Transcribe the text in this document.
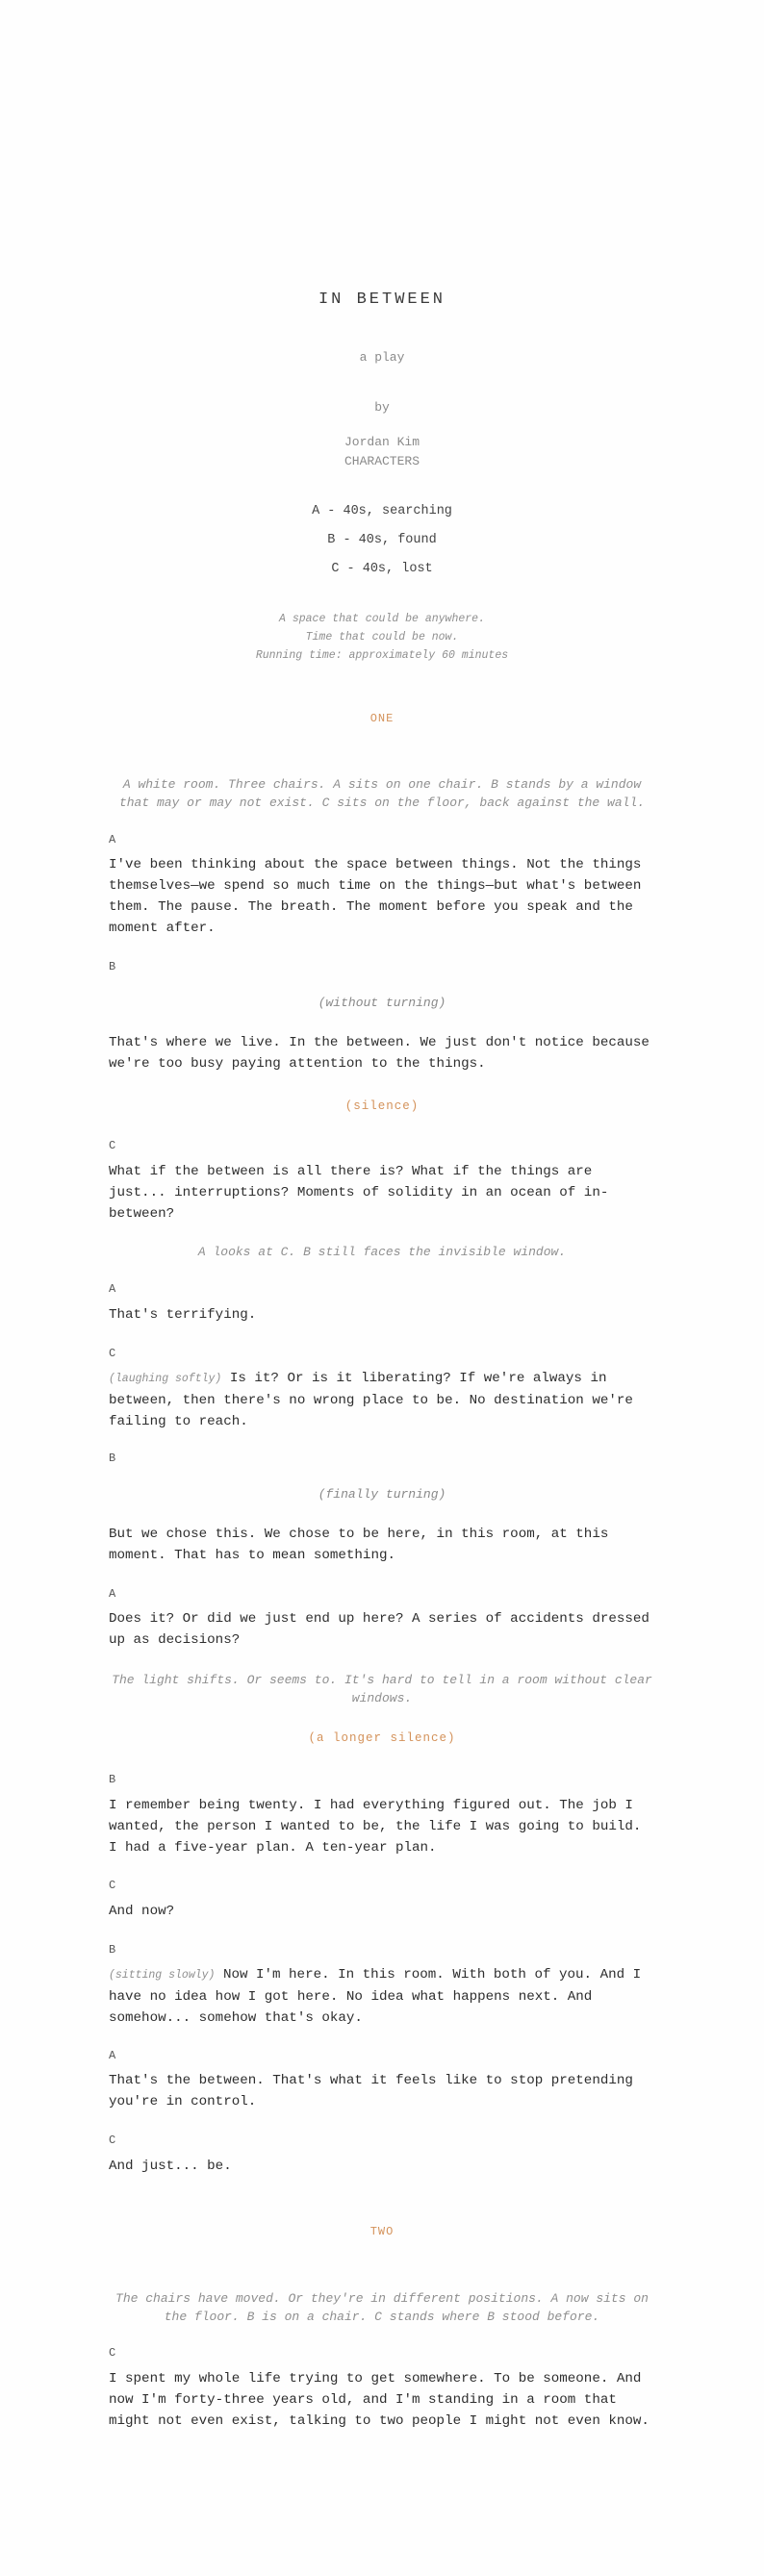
IN BETWEEN
a play
by
Jordan Kim
CHARACTERS
A - 40s, searching
B - 40s, found
C - 40s, lost
A space that could be anywhere.
Time that could be now.
Running time: approximately 60 minutes
ONE
A white room. Three chairs. A sits on one chair. B stands by a window that may or may not exist. C sits on the floor, back against the wall.
A
I've been thinking about the space between things. Not the things themselves—we spend so much time on the things—but what's between them. The pause. The breath. The moment before you speak and the moment after.
B
(without turning)
That's where we live. In the between. We just don't notice because we're too busy paying attention to the things.
(silence)
C
What if the between is all there is? What if the things are just... interruptions? Moments of solidity in an ocean of in-between?
A looks at C. B still faces the invisible window.
A
That's terrifying.
C
(laughing softly) Is it? Or is it liberating? If we're always in between, then there's no wrong place to be. No destination we're failing to reach.
B
(finally turning)
But we chose this. We chose to be here, in this room, at this moment. That has to mean something.
A
Does it? Or did we just end up here? A series of accidents dressed up as decisions?
The light shifts. Or seems to. It's hard to tell in a room without clear windows.
(a longer silence)
B
I remember being twenty. I had everything figured out. The job I wanted, the person I wanted to be, the life I was going to build. I had a five-year plan. A ten-year plan.
C
And now?
B
(sitting slowly) Now I'm here. In this room. With both of you. And I have no idea how I got here. No idea what happens next. And somehow... somehow that's okay.
A
That's the between. That's what it feels like to stop pretending you're in control.
C
And just... be.
TWO
The chairs have moved. Or they're in different positions. A now sits on the floor. B is on a chair. C stands where B stood before.
C
I spent my whole life trying to get somewhere. To be someone. And now I'm forty-three years old, and I'm standing in a room that might not even exist, talking to two people I might not even know.
